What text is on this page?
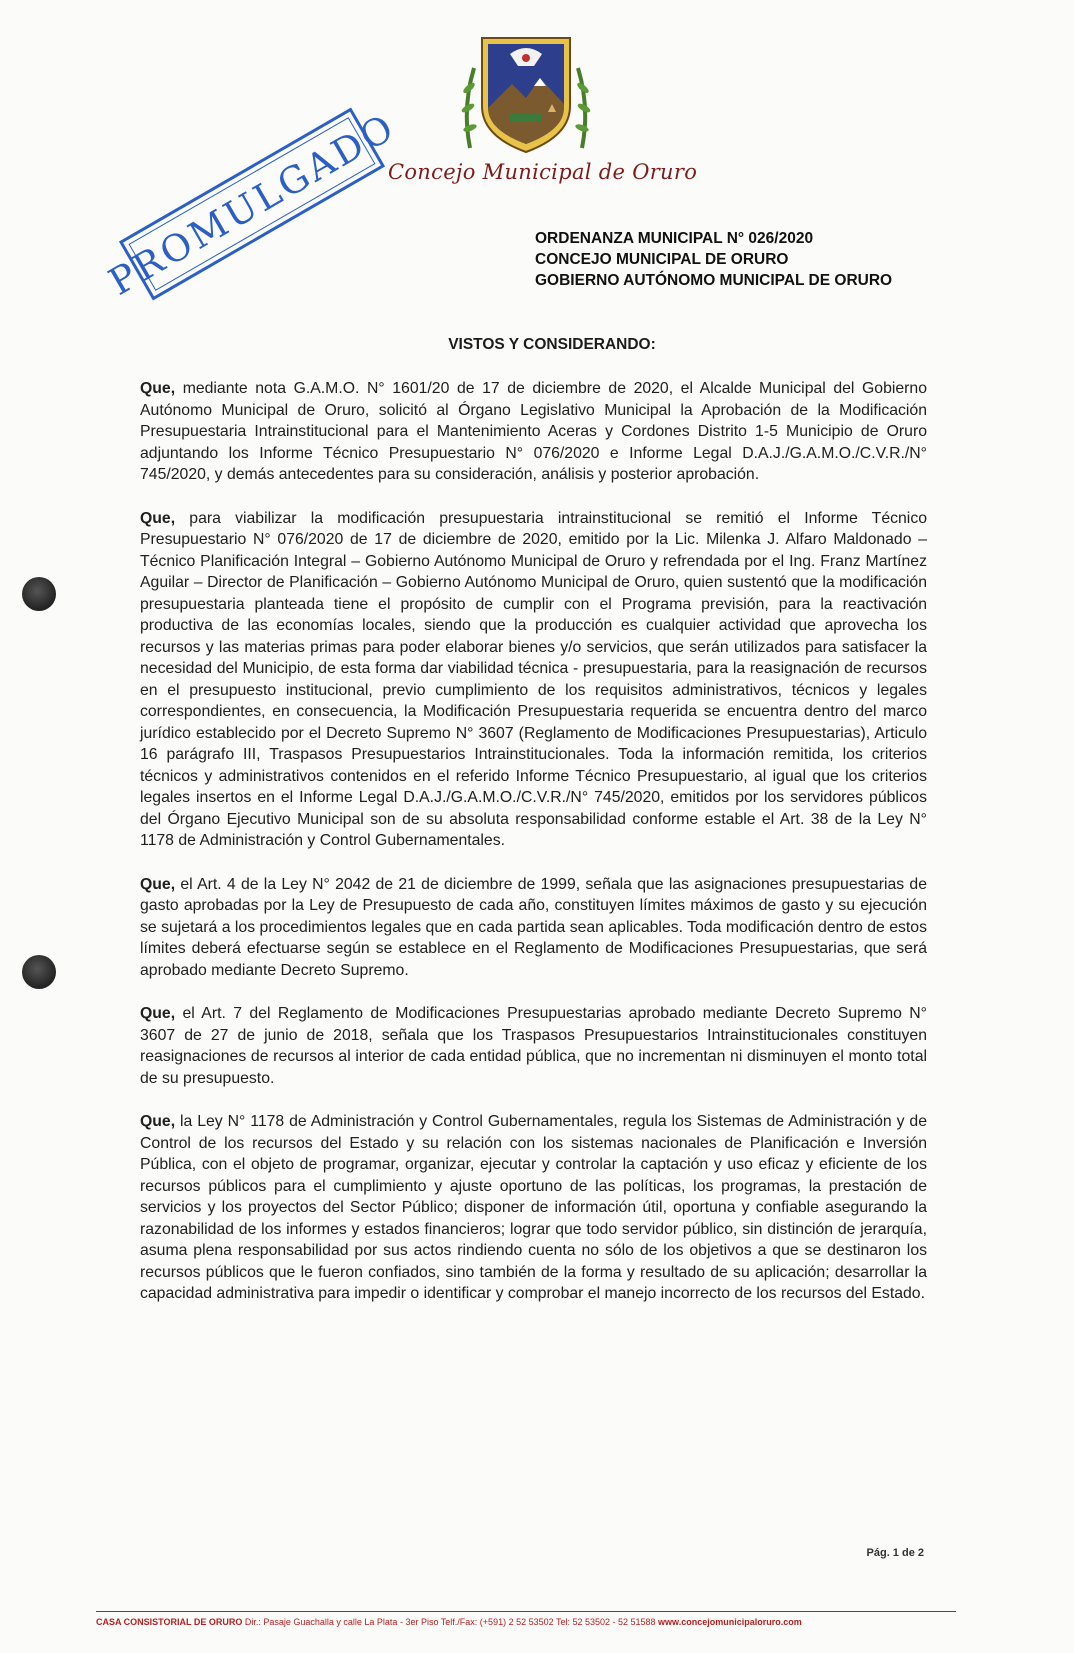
Concejo Municipal de Oruro
PROMULGADO	ORDENANZA MUNICIPAL N° 026/2020
CONCEJO MUNICIPAL DE ORURO
GOBIERNO AUTÓNOMO MUNICIPAL DE ORURO
VISTOS Y CONSIDERANDO:

Que, mediante nota G.A.M.O. N° 1601/20 de 17 de diciembre de 2020, el Alcalde Municipal del Gobierno Autónomo Municipal de Oruro, solicitó al Órgano Legislativo Municipal la Aprobación de la Modificación Presupuestaria Intrainstitucional para el Mantenimiento Aceras y Cordones Distrito 1-5 Municipio de Oruro adjuntando los Informe Técnico Presupuestario N° 076/2020 e Informe Legal D.A.J./G.A.M.O./C.V.R./N° 745/2020, y demás antecedentes para su consideración, análisis y posterior aprobación.

Que, para viabilizar la modificación presupuestaria intrainstitucional se remitió el Informe Técnico Presupuestario N° 076/2020 de 17 de diciembre de 2020, emitido por la Lic. Milenka J. Alfaro Maldonado – Técnico Planificación Integral – Gobierno Autónomo Municipal de Oruro y refrendada por el Ing. Franz Martínez Aguilar – Director de Planificación – Gobierno Autónomo Municipal de Oruro, quien sustentó que la modificación presupuestaria planteada tiene el propósito de cumplir con el Programa previsión, para la reactivación productiva de las economías locales, siendo que la producción es cualquier actividad que aprovecha los recursos y las materias primas para poder elaborar bienes y/o servicios, que serán utilizados para satisfacer la necesidad del Municipio, de esta forma dar viabilidad técnica - presupuestaria, para la reasignación de recursos en el presupuesto institucional, previo cumplimiento de los requisitos administrativos, técnicos y legales correspondientes, en consecuencia, la Modificación Presupuestaria requerida se encuentra dentro del marco jurídico establecido por el Decreto Supremo N° 3607 (Reglamento de Modificaciones Presupuestarias), Articulo 16 parágrafo III, Traspasos Presupuestarios Intrainstitucionales. Toda la información remitida, los criterios técnicos y administrativos contenidos en el referido Informe Técnico Presupuestario, al igual que los criterios legales insertos en el Informe Legal D.A.J./G.A.M.O./C.V.R./N° 745/2020, emitidos por los servidores públicos del Órgano Ejecutivo Municipal son de su absoluta responsabilidad conforme estable el Art. 38 de la Ley N° 1178 de Administración y Control Gubernamentales.

Que, el Art. 4 de la Ley N° 2042 de 21 de diciembre de 1999, señala que las asignaciones presupuestarias de gasto aprobadas por la Ley de Presupuesto de cada año, constituyen límites máximos de gasto y su ejecución se sujetará a los procedimientos legales que en cada partida sean aplicables. Toda modificación dentro de estos límites deberá efectuarse según se establece en el Reglamento de Modificaciones Presupuestarias, que será aprobado mediante Decreto Supremo.

Que, el Art. 7 del Reglamento de Modificaciones Presupuestarias aprobado mediante Decreto Supremo N° 3607 de 27 de junio de 2018, señala que los Traspasos Presupuestarios Intrainstitucionales constituyen reasignaciones de recursos al interior de cada entidad pública, que no incrementan ni disminuyen el monto total de su presupuesto.

Que, la Ley N° 1178 de Administración y Control Gubernamentales, regula los Sistemas de Administración y de Control de los recursos del Estado y su relación con los sistemas nacionales de Planificación e Inversión Pública, con el objeto de programar, organizar, ejecutar y controlar la captación y uso eficaz y eficiente de los recursos públicos para el cumplimiento y ajuste oportuno de las políticas, los programas, la prestación de servicios y los proyectos del Sector Público; disponer de información útil, oportuna y confiable asegurando la razonabilidad de los informes y estados financieros; lograr que todo servidor público, sin distinción de jerarquía, asuma plena responsabilidad por sus actos rindiendo cuenta no sólo de los objetivos a que se destinaron los recursos públicos que le fueron confiados, sino también de la forma y resultado de su aplicación; desarrollar la capacidad administrativa para impedir o identificar y comprobar el manejo incorrecto de los recursos del Estado.

Pág. 1 de 2
CASA CONSISTORIAL DE ORURO Dir.: Pasaje Guachalla y calle La Plata - 3er Piso Telf./Fax: (+591) 2 52 53502 Tel: 52 53502 - 52 51588 www.concejomunicipaloruro.com
